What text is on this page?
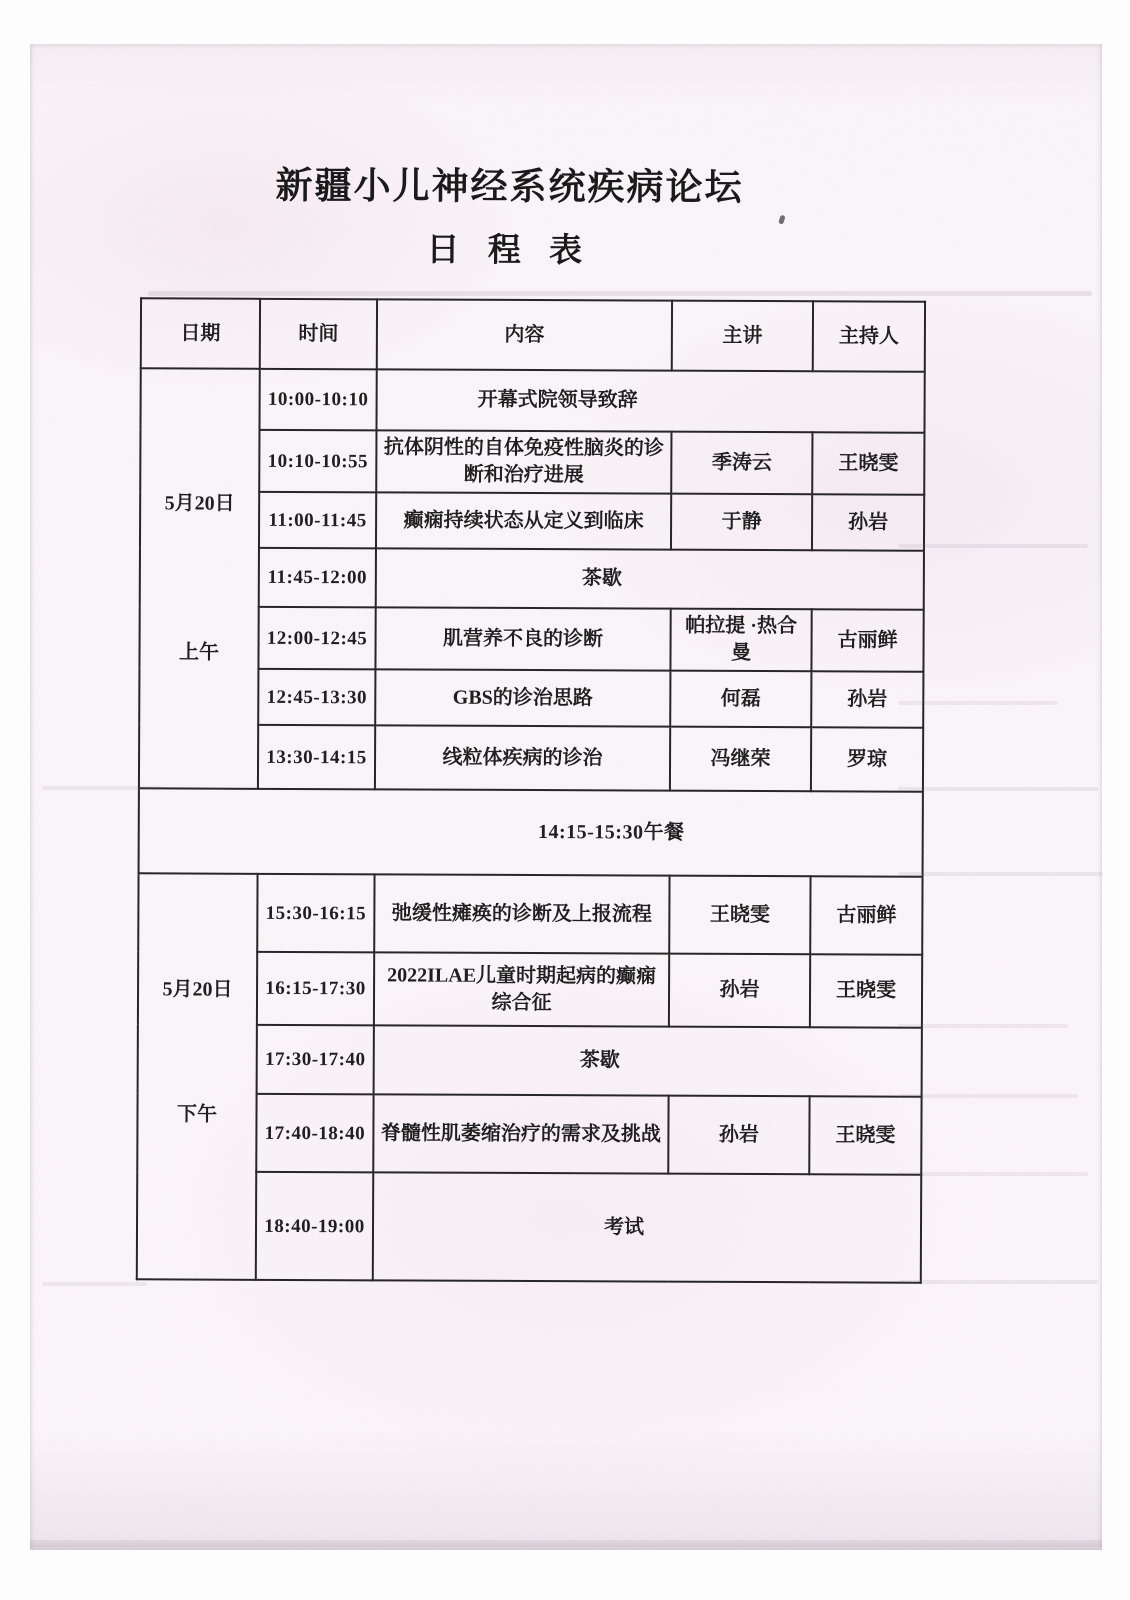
新疆小儿神经系统疾病论坛
日 程 表
日期	时间	内容	主讲	主持人

5月20日
上午	10:00-10:10	开幕式院领导致辞		
	10:10-10:55	抗体阴性的自体免疫性脑炎的诊断和治疗进展	季涛云	王晓雯
	11:00-11:45	癫痫持续状态从定义到临床	于静	孙岩
	11:45-12:00	茶歇		
	12:00-12:45	肌营养不良的诊断	帕拉提 ·热合曼	古丽鲜
	12:45-13:30	GBS的诊治思路	何磊	孙岩
	13:30-14:15	线粒体疾病的诊治	冯继荣	罗琼
14:15-15:30午餐				

5月20日
下午	15:30-16:15	弛缓性瘫痪的诊断及上报流程	王晓雯	古丽鲜
	16:15-17:30	2022ILAE儿童时期起病的癫痫综合征	孙岩	王晓雯
	17:30-17:40	茶歇		
	17:40-18:40	脊髓性肌萎缩治疗的需求及挑战	孙岩	王晓雯
	18:40-19:00	考试		
